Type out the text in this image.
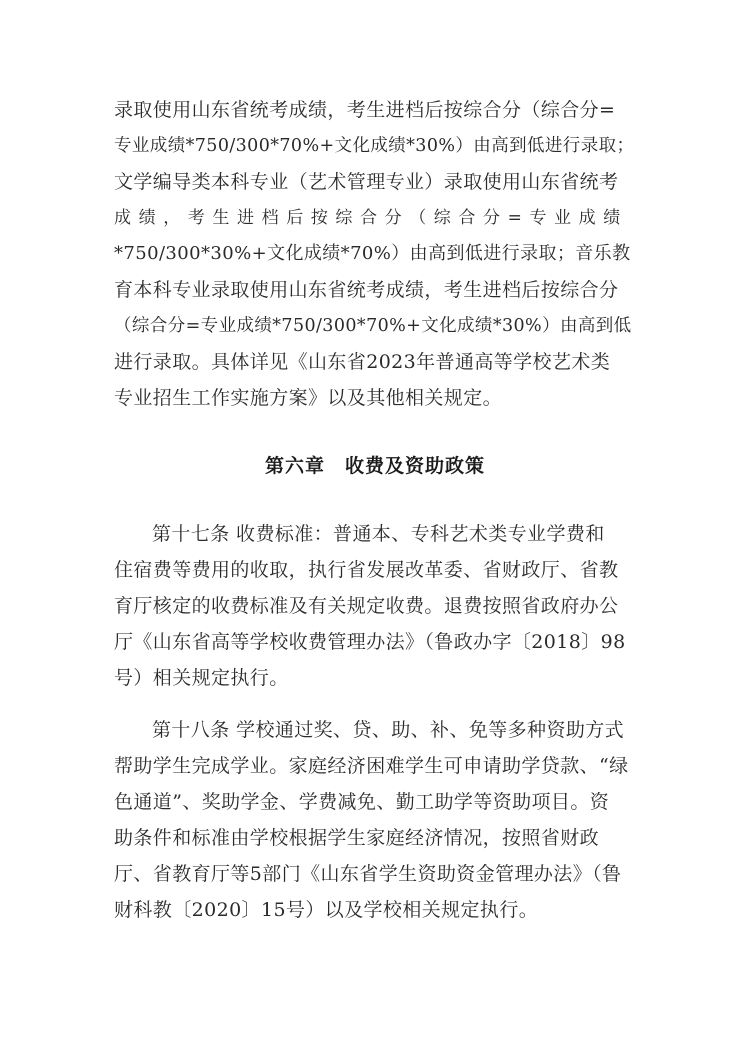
录取使用山东省统考成绩，考生进档后按综合分（综合分=
专业成绩*750/300*70%+文化成绩*30%）由高到低进行录取；
文学编导类本科专业（艺术管理专业）录取使用山东省统考
成绩，考生进档后按综合分（综合分=专业成绩
*750/300*30%+文化成绩*70%）由高到低进行录取；音乐教
育本科专业录取使用山东省统考成绩，考生进档后按综合分
（综合分=专业成绩*750/300*70%+文化成绩*30%）由高到低
进行录取。具体详见《山东省2023年普通高等学校艺术类
专业招生工作实施方案》以及其他相关规定。
第六章　收费及资助政策
第十七条 收费标准：普通本、专科艺术类专业学费和
住宿费等费用的收取，执行省发展改革委、省财政厅、省教
育厅核定的收费标准及有关规定收费。退费按照省政府办公
厅《山东省高等学校收费管理办法》（鲁政办字〔2018〕98
号）相关规定执行。
第十八条 学校通过奖、贷、助、补、免等多种资助方式
帮助学生完成学业。家庭经济困难学生可申请助学贷款、“绿
色通道”、奖助学金、学费减免、勤工助学等资助项目。资
助条件和标准由学校根据学生家庭经济情况，按照省财政
厅、省教育厅等5部门《山东省学生资助资金管理办法》（鲁
财科教〔2020〕15号）以及学校相关规定执行。
